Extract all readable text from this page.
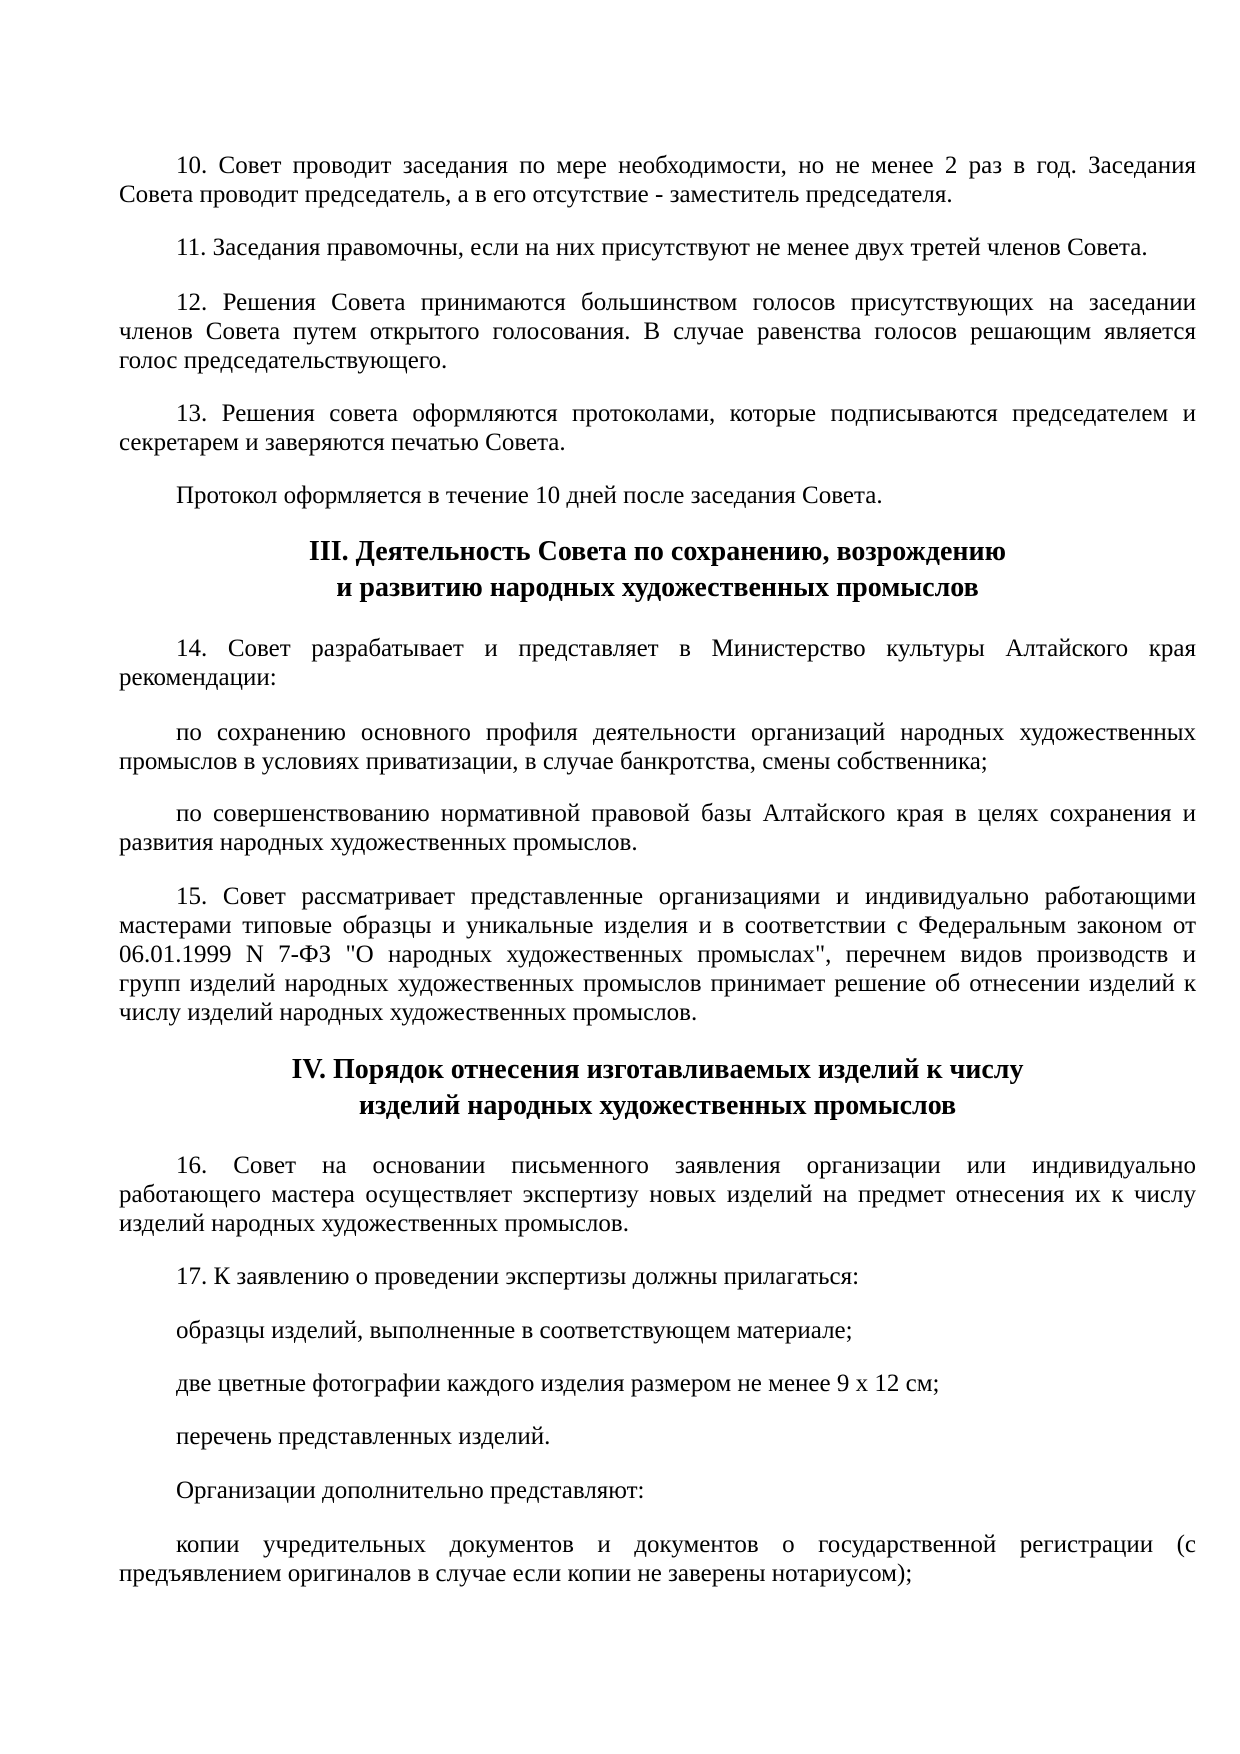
10. Совет проводит заседания по мере необходимости, но не менее 2 раз в год. Заседания
Совета проводит председатель, а в его отсутствие - заместитель председателя.
11. Заседания правомочны, если на них присутствуют не менее двух третей членов Совета.
12. Решения Совета принимаются большинством голосов присутствующих на заседании
членов Совета путем открытого голосования. В случае равенства голосов решающим является
голос председательствующего.
13. Решения совета оформляются протоколами, которые подписываются председателем и
секретарем и заверяются печатью Совета.
Протокол оформляется в течение 10 дней после заседания Совета.
III. Деятельность Совета по сохранению, возрождению
и развитию народных художественных промыслов
14. Совет разрабатывает и представляет в Министерство культуры Алтайского края
рекомендации:
по сохранению основного профиля деятельности организаций народных художественных
промыслов в условиях приватизации, в случае банкротства, смены собственника;
по совершенствованию нормативной правовой базы Алтайского края в целях сохранения и
развития народных художественных промыслов.
15. Совет рассматривает представленные организациями и индивидуально работающими
мастерами типовые образцы и уникальные изделия и в соответствии с Федеральным законом от
06.01.1999 N 7-ФЗ "О народных художественных промыслах", перечнем видов производств и
групп изделий народных художественных промыслов принимает решение об отнесении изделий к
числу изделий народных художественных промыслов.
IV. Порядок отнесения изготавливаемых изделий к числу
изделий народных художественных промыслов
16. Совет на основании письменного заявления организации или индивидуально
работающего мастера осуществляет экспертизу новых изделий на предмет отнесения их к числу
изделий народных художественных промыслов.
17. К заявлению о проведении экспертизы должны прилагаться:
образцы изделий, выполненные в соответствующем материале;
две цветные фотографии каждого изделия размером не менее 9 х 12 см;
перечень представленных изделий.
Организации дополнительно представляют:
копии учредительных документов и документов о государственной регистрации (с
предъявлением оригиналов в случае если копии не заверены нотариусом);
